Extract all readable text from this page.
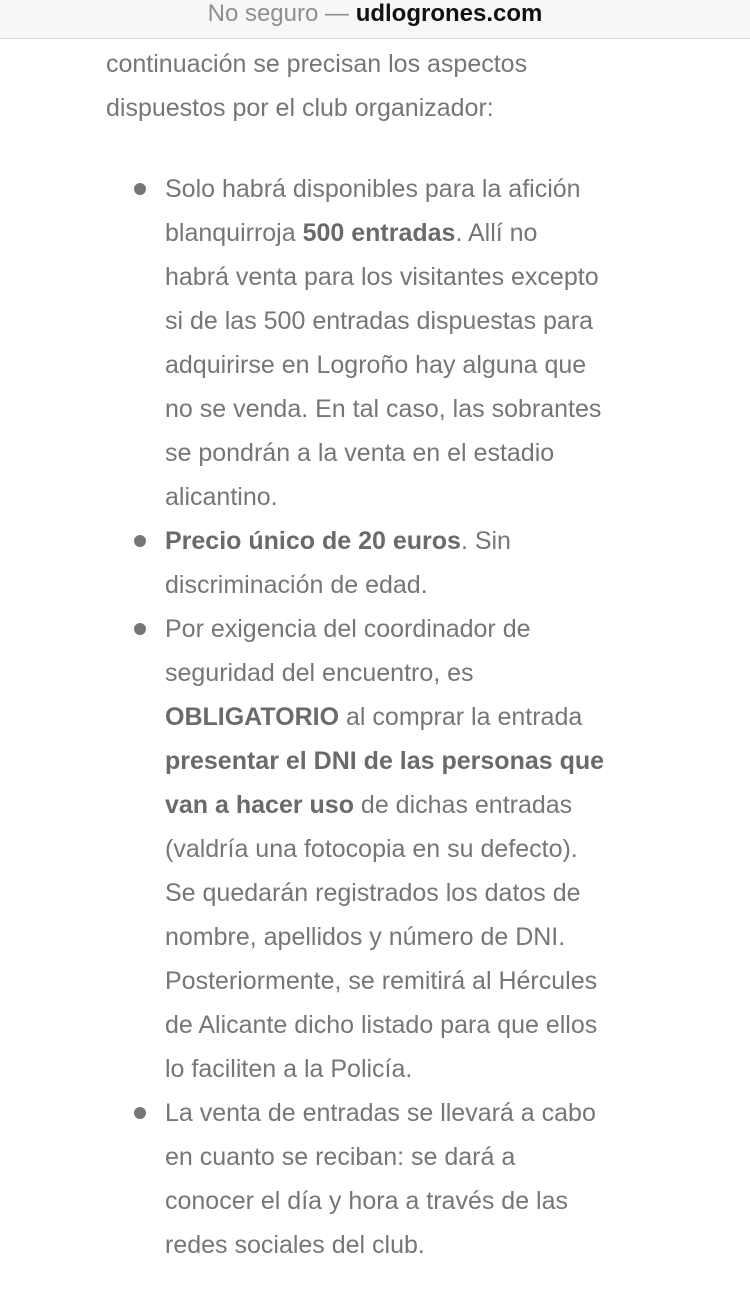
No seguro — udlogrones.com

continuación se precisan los aspectos
dispuestos por el club organizador:

Solo habrá disponibles para la afición
blanquirroja 500 entradas. Allí no
habrá venta para los visitantes excepto
si de las 500 entradas dispuestas para
adquirirse en Logroño hay alguna que
no se venda. En tal caso, las sobrantes
se pondrán a la venta en el estadio
alicantino.
Precio único de 20 euros. Sin
discriminación de edad.
Por exigencia del coordinador de
seguridad del encuentro, es
OBLIGATORIO al comprar la entrada
presentar el DNI de las personas que
van a hacer uso de dichas entradas
(valdría una fotocopia en su defecto).
Se quedarán registrados los datos de
nombre, apellidos y número de DNI.
Posteriormente, se remitirá al Hércules
de Alicante dicho listado para que ellos
lo faciliten a la Policía.
La venta de entradas se llevará a cabo
en cuanto se reciban: se dará a
conocer el día y hora a través de las
redes sociales del club.
